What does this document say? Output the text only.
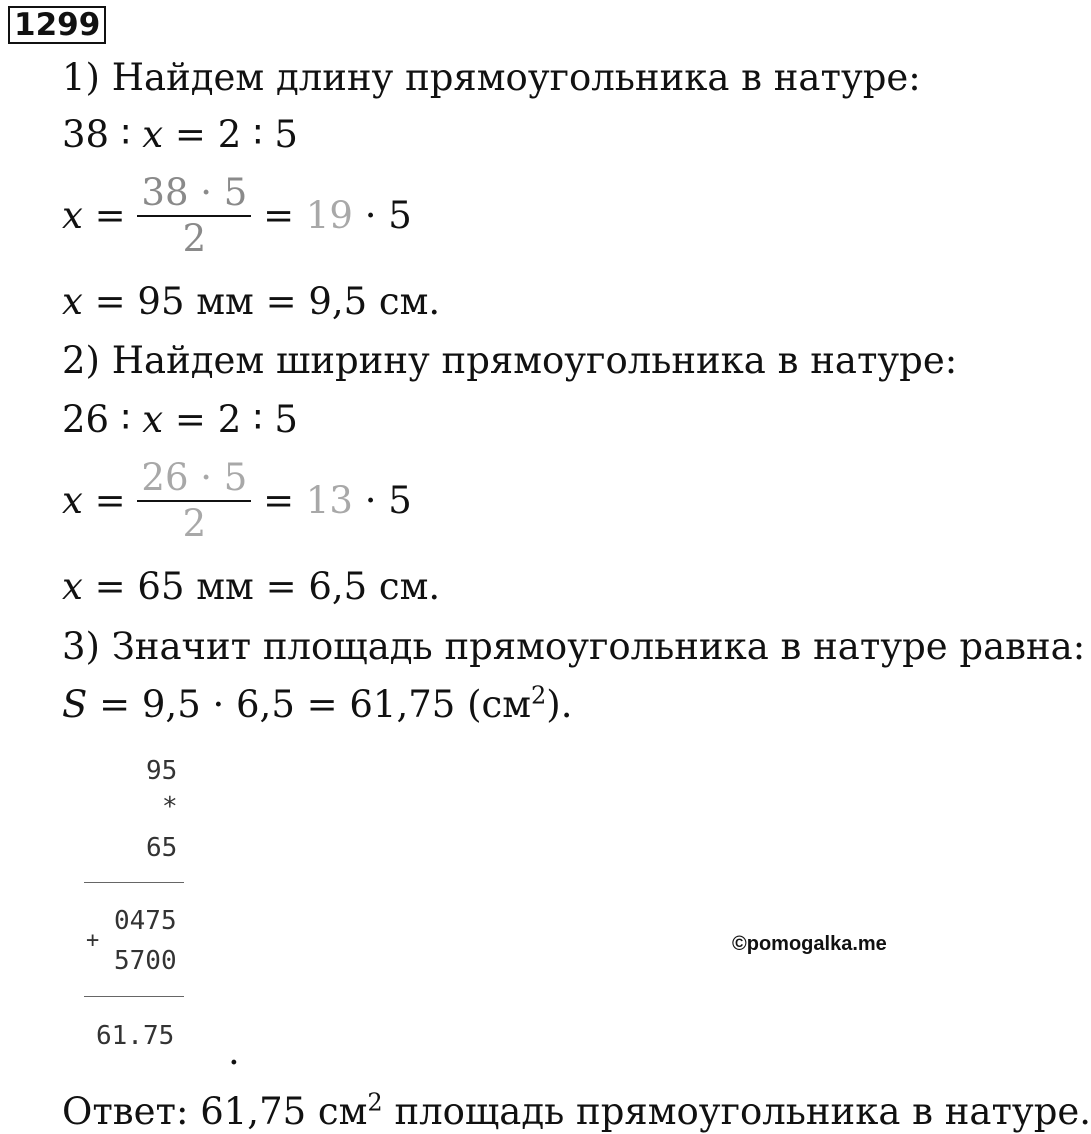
1299
1) Найдем длину прямоугольника в натуре:
38 ∶ x = 2 ∶ 5
$x = \frac{38 \cdot 5}{2} = 19 \cdot 5$
x = 95 мм = 9,5 см.
2) Найдем ширину прямоугольника в натуре:
26 ∶ x = 2 ∶ 5
$x = \frac{26 \cdot 5}{2} = 13 \cdot 5$
x = 65 мм = 6,5 см.
3) Значит площадь прямоугольника в натуре равна:
S = 9,5 · 6,5 = 61,75 $(см^2)$.
95
*
65
0475
+
5700
61.75 .
©pomogalka.me
Ответ: 61,75 $см^2$ площадь прямоугольника в натуре.
